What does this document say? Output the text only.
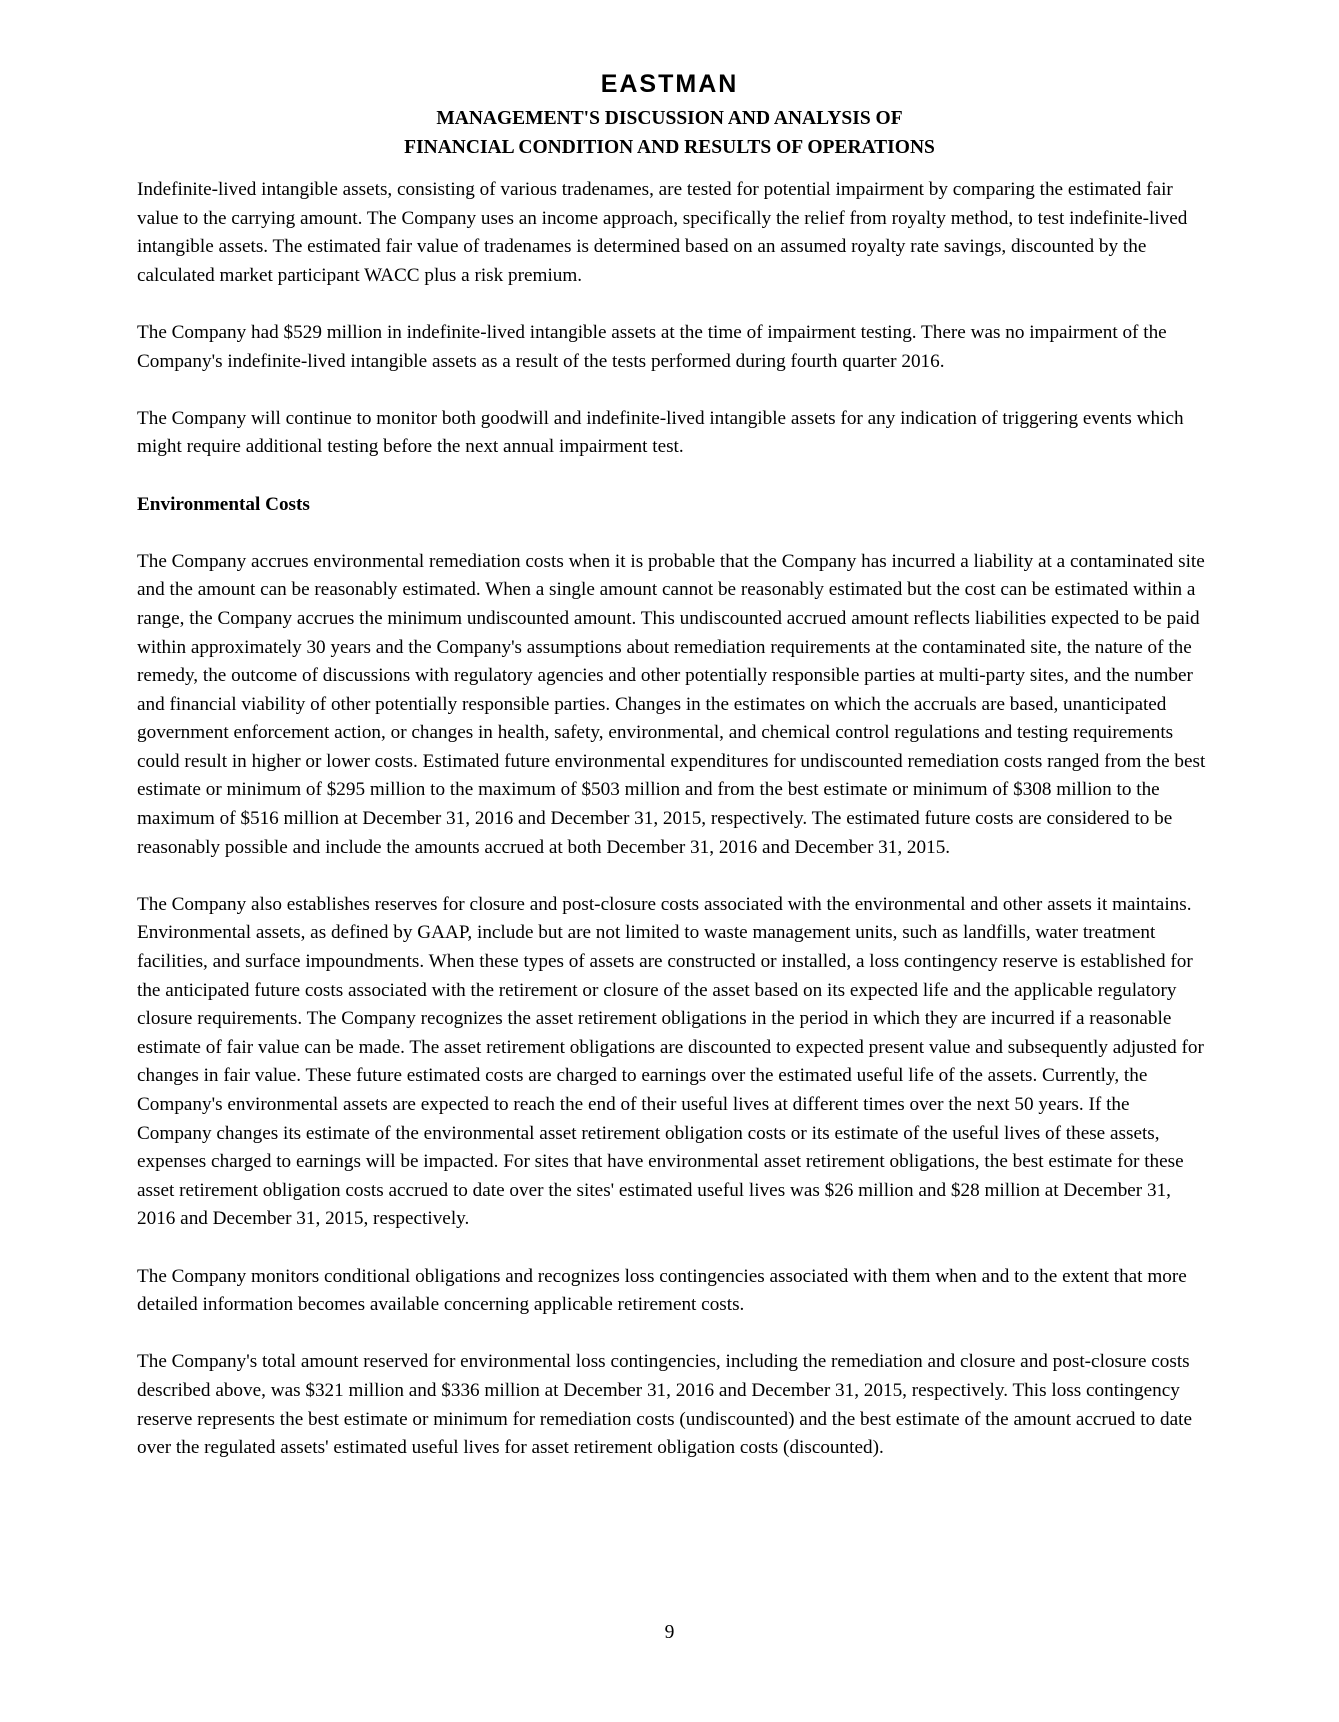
EASTMAN
MANAGEMENT'S DISCUSSION AND ANALYSIS OF
FINANCIAL CONDITION AND RESULTS OF OPERATIONS

Indefinite-lived intangible assets, consisting of various tradenames, are tested for potential impairment by comparing the estimated fair value to the carrying amount. The Company uses an income approach, specifically the relief from royalty method, to test indefinite-lived intangible assets. The estimated fair value of tradenames is determined based on an assumed royalty rate savings, discounted by the calculated market participant WACC plus a risk premium.

The Company had $529 million in indefinite-lived intangible assets at the time of impairment testing. There was no impairment of the Company's indefinite-lived intangible assets as a result of the tests performed during fourth quarter 2016.

The Company will continue to monitor both goodwill and indefinite-lived intangible assets for any indication of triggering events which might require additional testing before the next annual impairment test.

Environmental Costs

The Company accrues environmental remediation costs when it is probable that the Company has incurred a liability at a contaminated site and the amount can be reasonably estimated. When a single amount cannot be reasonably estimated but the cost can be estimated within a range, the Company accrues the minimum undiscounted amount. This undiscounted accrued amount reflects liabilities expected to be paid within approximately 30 years and the Company's assumptions about remediation requirements at the contaminated site, the nature of the remedy, the outcome of discussions with regulatory agencies and other potentially responsible parties at multi-party sites, and the number and financial viability of other potentially responsible parties. Changes in the estimates on which the accruals are based, unanticipated government enforcement action, or changes in health, safety, environmental, and chemical control regulations and testing requirements could result in higher or lower costs. Estimated future environmental expenditures for undiscounted remediation costs ranged from the best estimate or minimum of $295 million to the maximum of $503 million and from the best estimate or minimum of $308 million to the maximum of $516 million at December 31, 2016 and December 31, 2015, respectively. The estimated future costs are considered to be reasonably possible and include the amounts accrued at both December 31, 2016 and December 31, 2015.

The Company also establishes reserves for closure and post-closure costs associated with the environmental and other assets it maintains. Environmental assets, as defined by GAAP, include but are not limited to waste management units, such as landfills, water treatment facilities, and surface impoundments. When these types of assets are constructed or installed, a loss contingency reserve is established for the anticipated future costs associated with the retirement or closure of the asset based on its expected life and the applicable regulatory closure requirements. The Company recognizes the asset retirement obligations in the period in which they are incurred if a reasonable estimate of fair value can be made. The asset retirement obligations are discounted to expected present value and subsequently adjusted for changes in fair value. These future estimated costs are charged to earnings over the estimated useful life of the assets. Currently, the Company's environmental assets are expected to reach the end of their useful lives at different times over the next 50 years. If the Company changes its estimate of the environmental asset retirement obligation costs or its estimate of the useful lives of these assets, expenses charged to earnings will be impacted. For sites that have environmental asset retirement obligations, the best estimate for these asset retirement obligation costs accrued to date over the sites' estimated useful lives was $26 million and $28 million at December 31, 2016 and December 31, 2015, respectively.

The Company monitors conditional obligations and recognizes loss contingencies associated with them when and to the extent that more detailed information becomes available concerning applicable retirement costs.

The Company's total amount reserved for environmental loss contingencies, including the remediation and closure and post-closure costs described above, was $321 million and $336 million at December 31, 2016 and December 31, 2015, respectively. This loss contingency reserve represents the best estimate or minimum for remediation costs (undiscounted) and the best estimate of the amount accrued to date over the regulated assets' estimated useful lives for asset retirement obligation costs (discounted).

9
